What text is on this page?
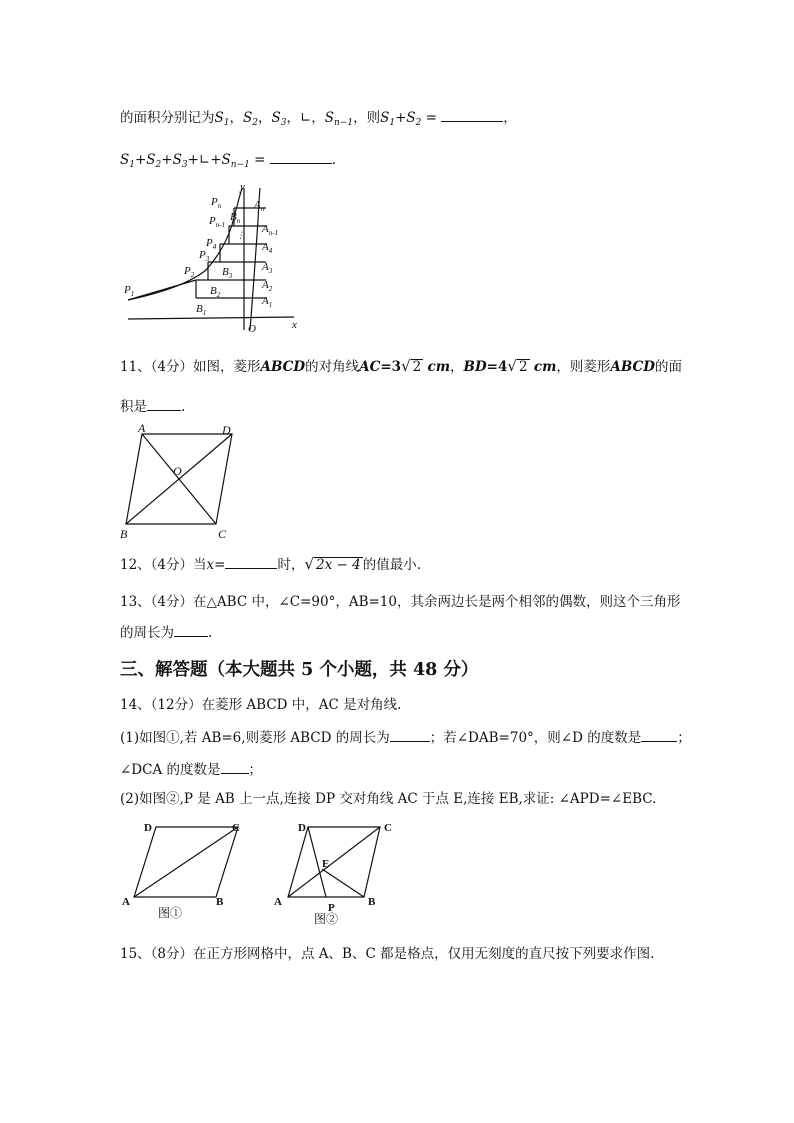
的面积分别记为$S_1$，$S_2$，$S_3$，∟，$S_{n-1}$，则$S_1+S_2$ =	，
$S_1+S_2+S_3+∟+S_{n-1}$ =	.
$P_1$
$P_2$
$P_3$
$P_4$
$P_{n-1}$
$P_n$
$B_1$
$B_2$
$B_3$
$B_n$
$A_1$
$A_2$
$A_3$
$A_4$
$A_{n-1}$
$A_n$
y
x
O
⋮
11、（4分）如图，菱形ABCD的对角线AC=3√ 2 cm，BD=4√ 2 cm，则菱形ABCD的面
积是	.
A	D
B	C
O
12、（4分）当x=	时，√ 2x − 4 的值最小.
13、（4分）在△ABC 中，∠C=90°，AB=10，其余两边长是两个相邻的偶数，则这个三角形
的周长为	.
三、解答题（本大题共 5 个小题，共 48 分）
14、（12分）在菱形 ABCD 中，AC 是对角线.
(1)如图①,若 AB=6,则菱形 ABCD 的周长为	；若∠DAB=70°，则∠D 的度数是	；
∠DCA 的度数是 ；
(2)如图②,P 是 AB 上一点,连接 DP 交对角线 AC 于点 E,连接 EB,求证: ∠APD=∠EBC.
D	C
A	B
图①
D	C
A	B
E
P
图②
15、（8分）在正方形网格中，点 A、B、C 都是格点，仅用无刻度的直尺按下列要求作图.
